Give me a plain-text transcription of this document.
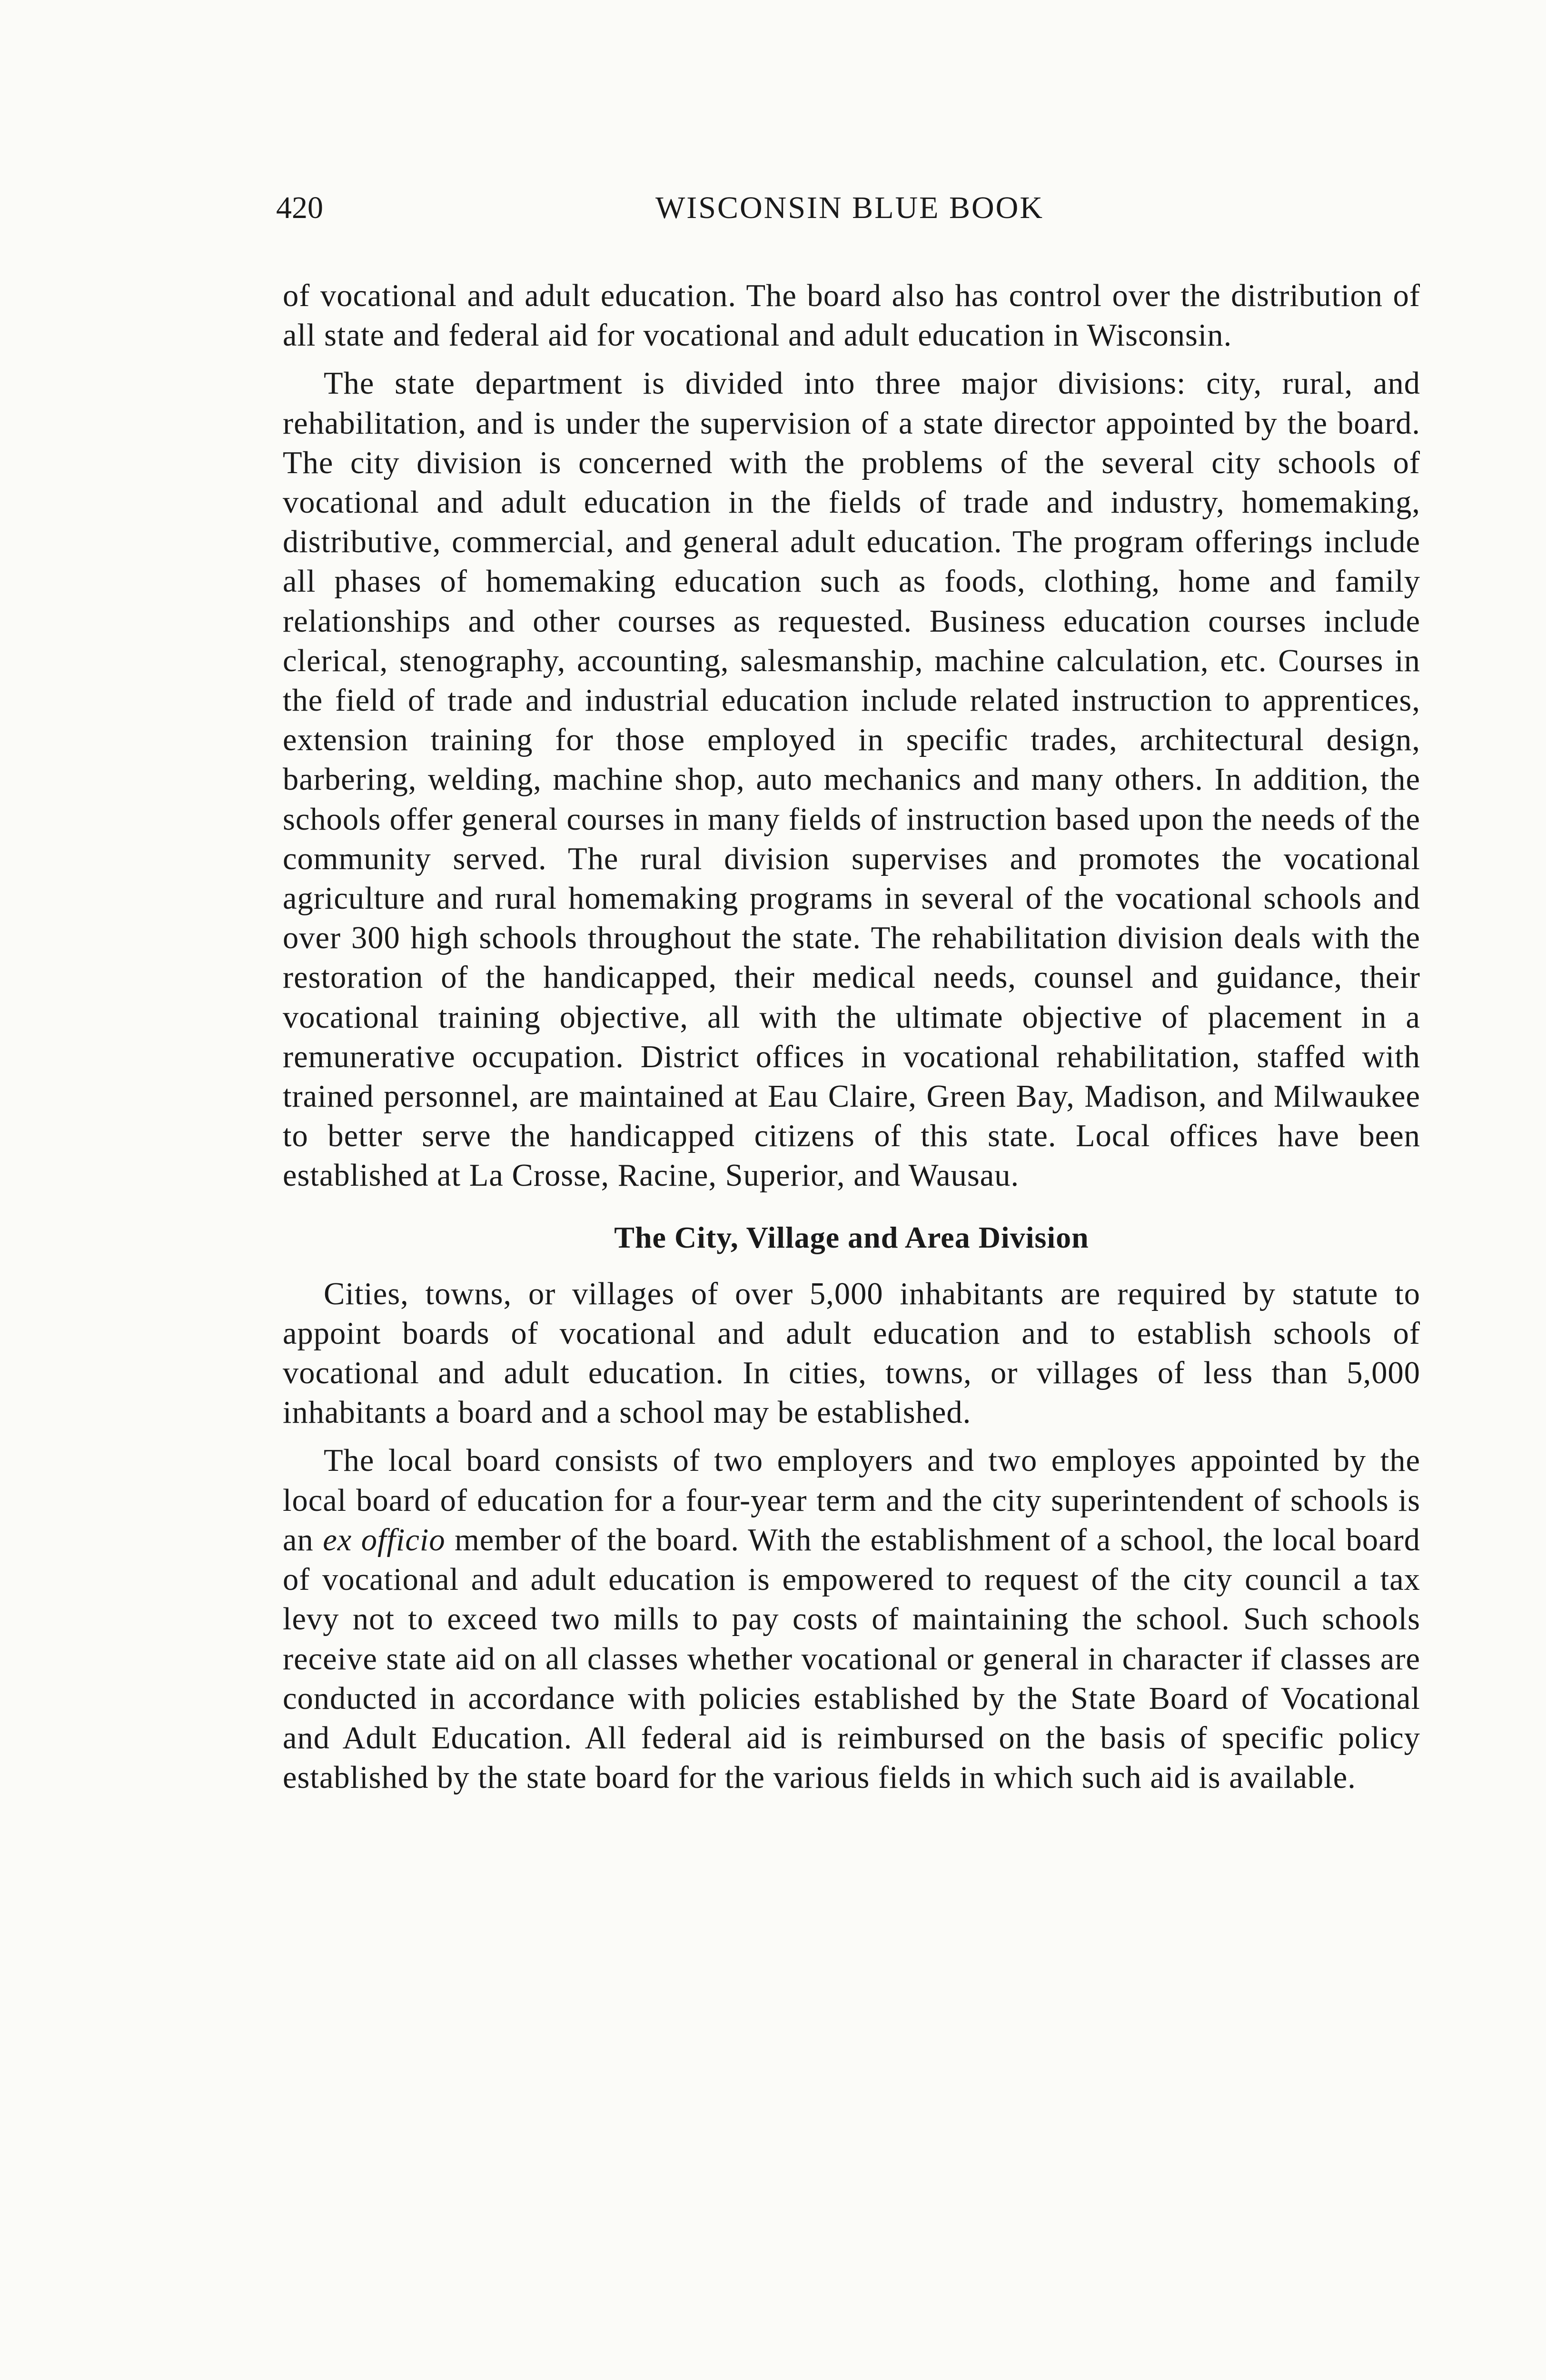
420	WISCONSIN BLUE BOOK

of vocational and adult education. The board also has control over the distribution of all state and federal aid for vocational and adult education in Wisconsin.

The state department is divided into three major divisions: city, rural, and rehabilitation, and is under the supervision of a state director appointed by the board. The city division is concerned with the problems of the several city schools of vocational and adult education in the fields of trade and industry, homemaking, distributive, commercial, and general adult education. The program offerings include all phases of homemaking education such as foods, clothing, home and family relationships and other courses as requested. Business education courses include clerical, stenography, accounting, salesmanship, machine calculation, etc. Courses in the field of trade and industrial education include related instruction to apprentices, extension training for those employed in specific trades, architectural design, barbering, welding, machine shop, auto mechanics and many others. In addition, the schools offer general courses in many fields of instruction based upon the needs of the community served. The rural division supervises and promotes the vocational agriculture and rural homemaking programs in several of the vocational schools and over 300 high schools throughout the state. The rehabilitation division deals with the restoration of the handicapped, their medical needs, counsel and guidance, their vocational training objective, all with the ultimate objective of placement in a remunerative occupation. District offices in vocational rehabilitation, staffed with trained personnel, are maintained at Eau Claire, Green Bay, Madison, and Milwaukee to better serve the handicapped citizens of this state. Local offices have been established at La Crosse, Racine, Superior, and Wausau.

The City, Village and Area Division

Cities, towns, or villages of over 5,000 inhabitants are required by statute to appoint boards of vocational and adult education and to establish schools of vocational and adult education. In cities, towns, or villages of less than 5,000 inhabitants a board and a school may be established.

The local board consists of two employers and two employes appointed by the local board of education for a four-year term and the city superintendent of schools is an ex officio member of the board. With the establishment of a school, the local board of vocational and adult education is empowered to request of the city council a tax levy not to exceed two mills to pay costs of maintaining the school. Such schools receive state aid on all classes whether vocational or general in character if classes are conducted in accordance with policies established by the State Board of Vocational and Adult Education. All federal aid is reimbursed on the basis of specific policy established by the state board for the various fields in which such aid is available.
